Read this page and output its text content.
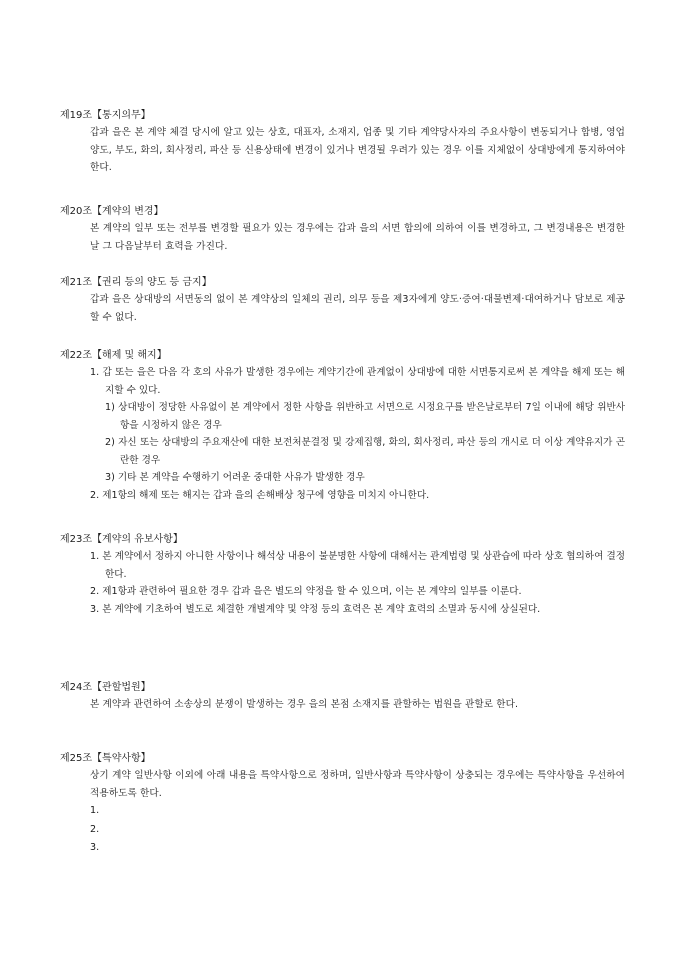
제19조【통지의무】
갑과 을은 본 계약 체결 당시에 알고 있는 상호, 대표자, 소재지, 업종 및 기타 계약당사자의 주요사항이 변동되거나 합병, 영업양도, 부도, 화의, 회사정리, 파산 등 신용상태에 변경이 있거나 변경될 우려가 있는 경우 이를 지체없이 상대방에게 통지하여야 한다.
제20조【계약의 변경】
본 계약의 일부 또는 전부를 변경할 필요가 있는 경우에는 갑과 을의 서면 합의에 의하여 이를 변경하고, 그 변경내용은 변경한 날 그 다음날부터 효력을 가진다.
제21조【권리 등의 양도 등 금지】
갑과 을은 상대방의 서면동의 없이 본 계약상의 일체의 권리, 의무 등을 제3자에게 양도·증여·대물변제·대여하거나 담보로 제공할 수 없다.
제22조【해제 및 해지】
1. 갑 또는 을은 다음 각 호의 사유가 발생한 경우에는 계약기간에 관계없이 상대방에 대한 서면통지로써 본 계약을 해제 또는 해지할 수 있다.
1) 상대방이 정당한 사유없이 본 계약에서 정한 사항을 위반하고 서면으로 시정요구를 받은날로부터 7일 이내에 해당 위반사항을 시정하지 않은 경우
2) 자신 또는 상대방의 주요재산에 대한 보전처분결정 및 강제집행, 화의, 회사정리, 파산 등의 개시로 더 이상 계약유지가 곤란한 경우
3) 기타 본 계약을 수행하기 어려운 중대한 사유가 발생한 경우
2. 제1항의 해제 또는 해지는 갑과 을의 손해배상 청구에 영향을 미치지 아니한다.
제23조【계약의 유보사항】
1. 본 계약에서 정하지 아니한 사항이나 해석상 내용이 불분명한 사항에 대해서는 관계법령 및 상관습에 따라 상호 협의하여 결정한다.
2. 제1항과 관련하여 필요한 경우 갑과 을은 별도의 약정을 할 수 있으며, 이는 본 계약의 일부를 이룬다.
3. 본 계약에 기초하여 별도로 체결한 개별계약 및 약정 등의 효력은 본 계약 효력의 소멸과 동시에 상실된다.
제24조【관할법원】
본 계약과 관련하여 소송상의 분쟁이 발생하는 경우 을의 본점 소재지를 관할하는 법원을 관할로 한다.
제25조【특약사항】
상기 계약 일반사항 이외에 아래 내용을 특약사항으로 정하며, 일반사항과 특약사항이 상충되는 경우에는 특약사항을 우선하여 적용하도록 한다.
1.
2.
3.
